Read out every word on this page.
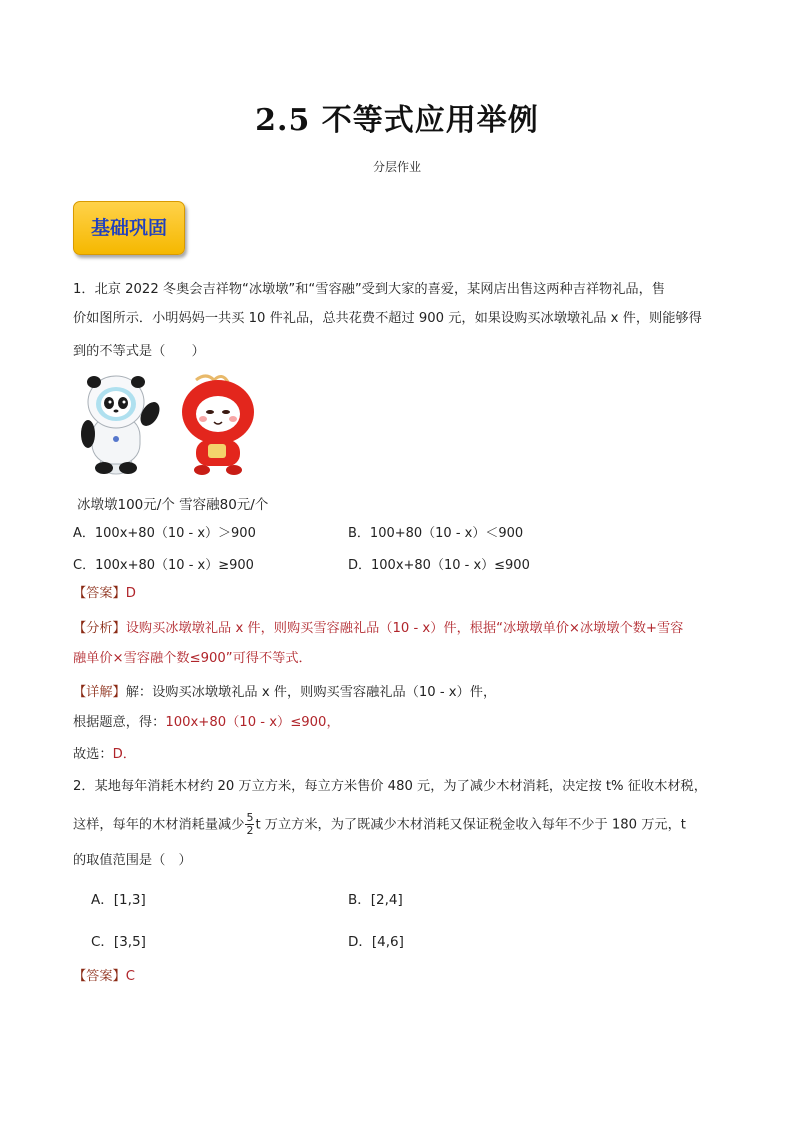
2.5 不等式应用举例
分层作业
基础巩固
1．北京 2022 冬奥会吉祥物“冰墩墩”和“雪容融”受到大家的喜爱，某网店出售这两种吉祥物礼品，售
价如图所示．小明妈妈一共买 10 件礼品，总共花费不超过 900 元，如果设购买冰墩墩礼品 x 件，则能够得
到的不等式是（　　）
冰墩墩100元/个 雪容融80元/个
A．100x+80（10 - x）＞900	B．100+80（10 - x）＜900
C．100x+80（10 - x）≥900	D．100x+80（10 - x）≤900
【答案】D
【分析】设购买冰墩墩礼品 x 件，则购买雪容融礼品（10 - x）件，根据“冰墩墩单价×冰墩墩个数+雪容
融单价×雪容融个数≤900”可得不等式．
【详解】解：设购买冰墩墩礼品 x 件，则购买雪容融礼品（10 - x）件，
根据题意，得：100x+80（10 - x）≤900，
故选：D．
2．某地每年消耗木材约 20 万立方米，每立方米售价 480 元，为了减少木材消耗，决定按 t% 征收木材税，
这样，每年的木材消耗量减少 $\frac{5}{2}$ t 万立方米，为了既减少木材消耗又保证税金收入每年不少于 180 万元，t
的取值范围是（　）
A．[1,3]	B．[2,4]
C．[3,5]	D．[4,6]
【答案】C
